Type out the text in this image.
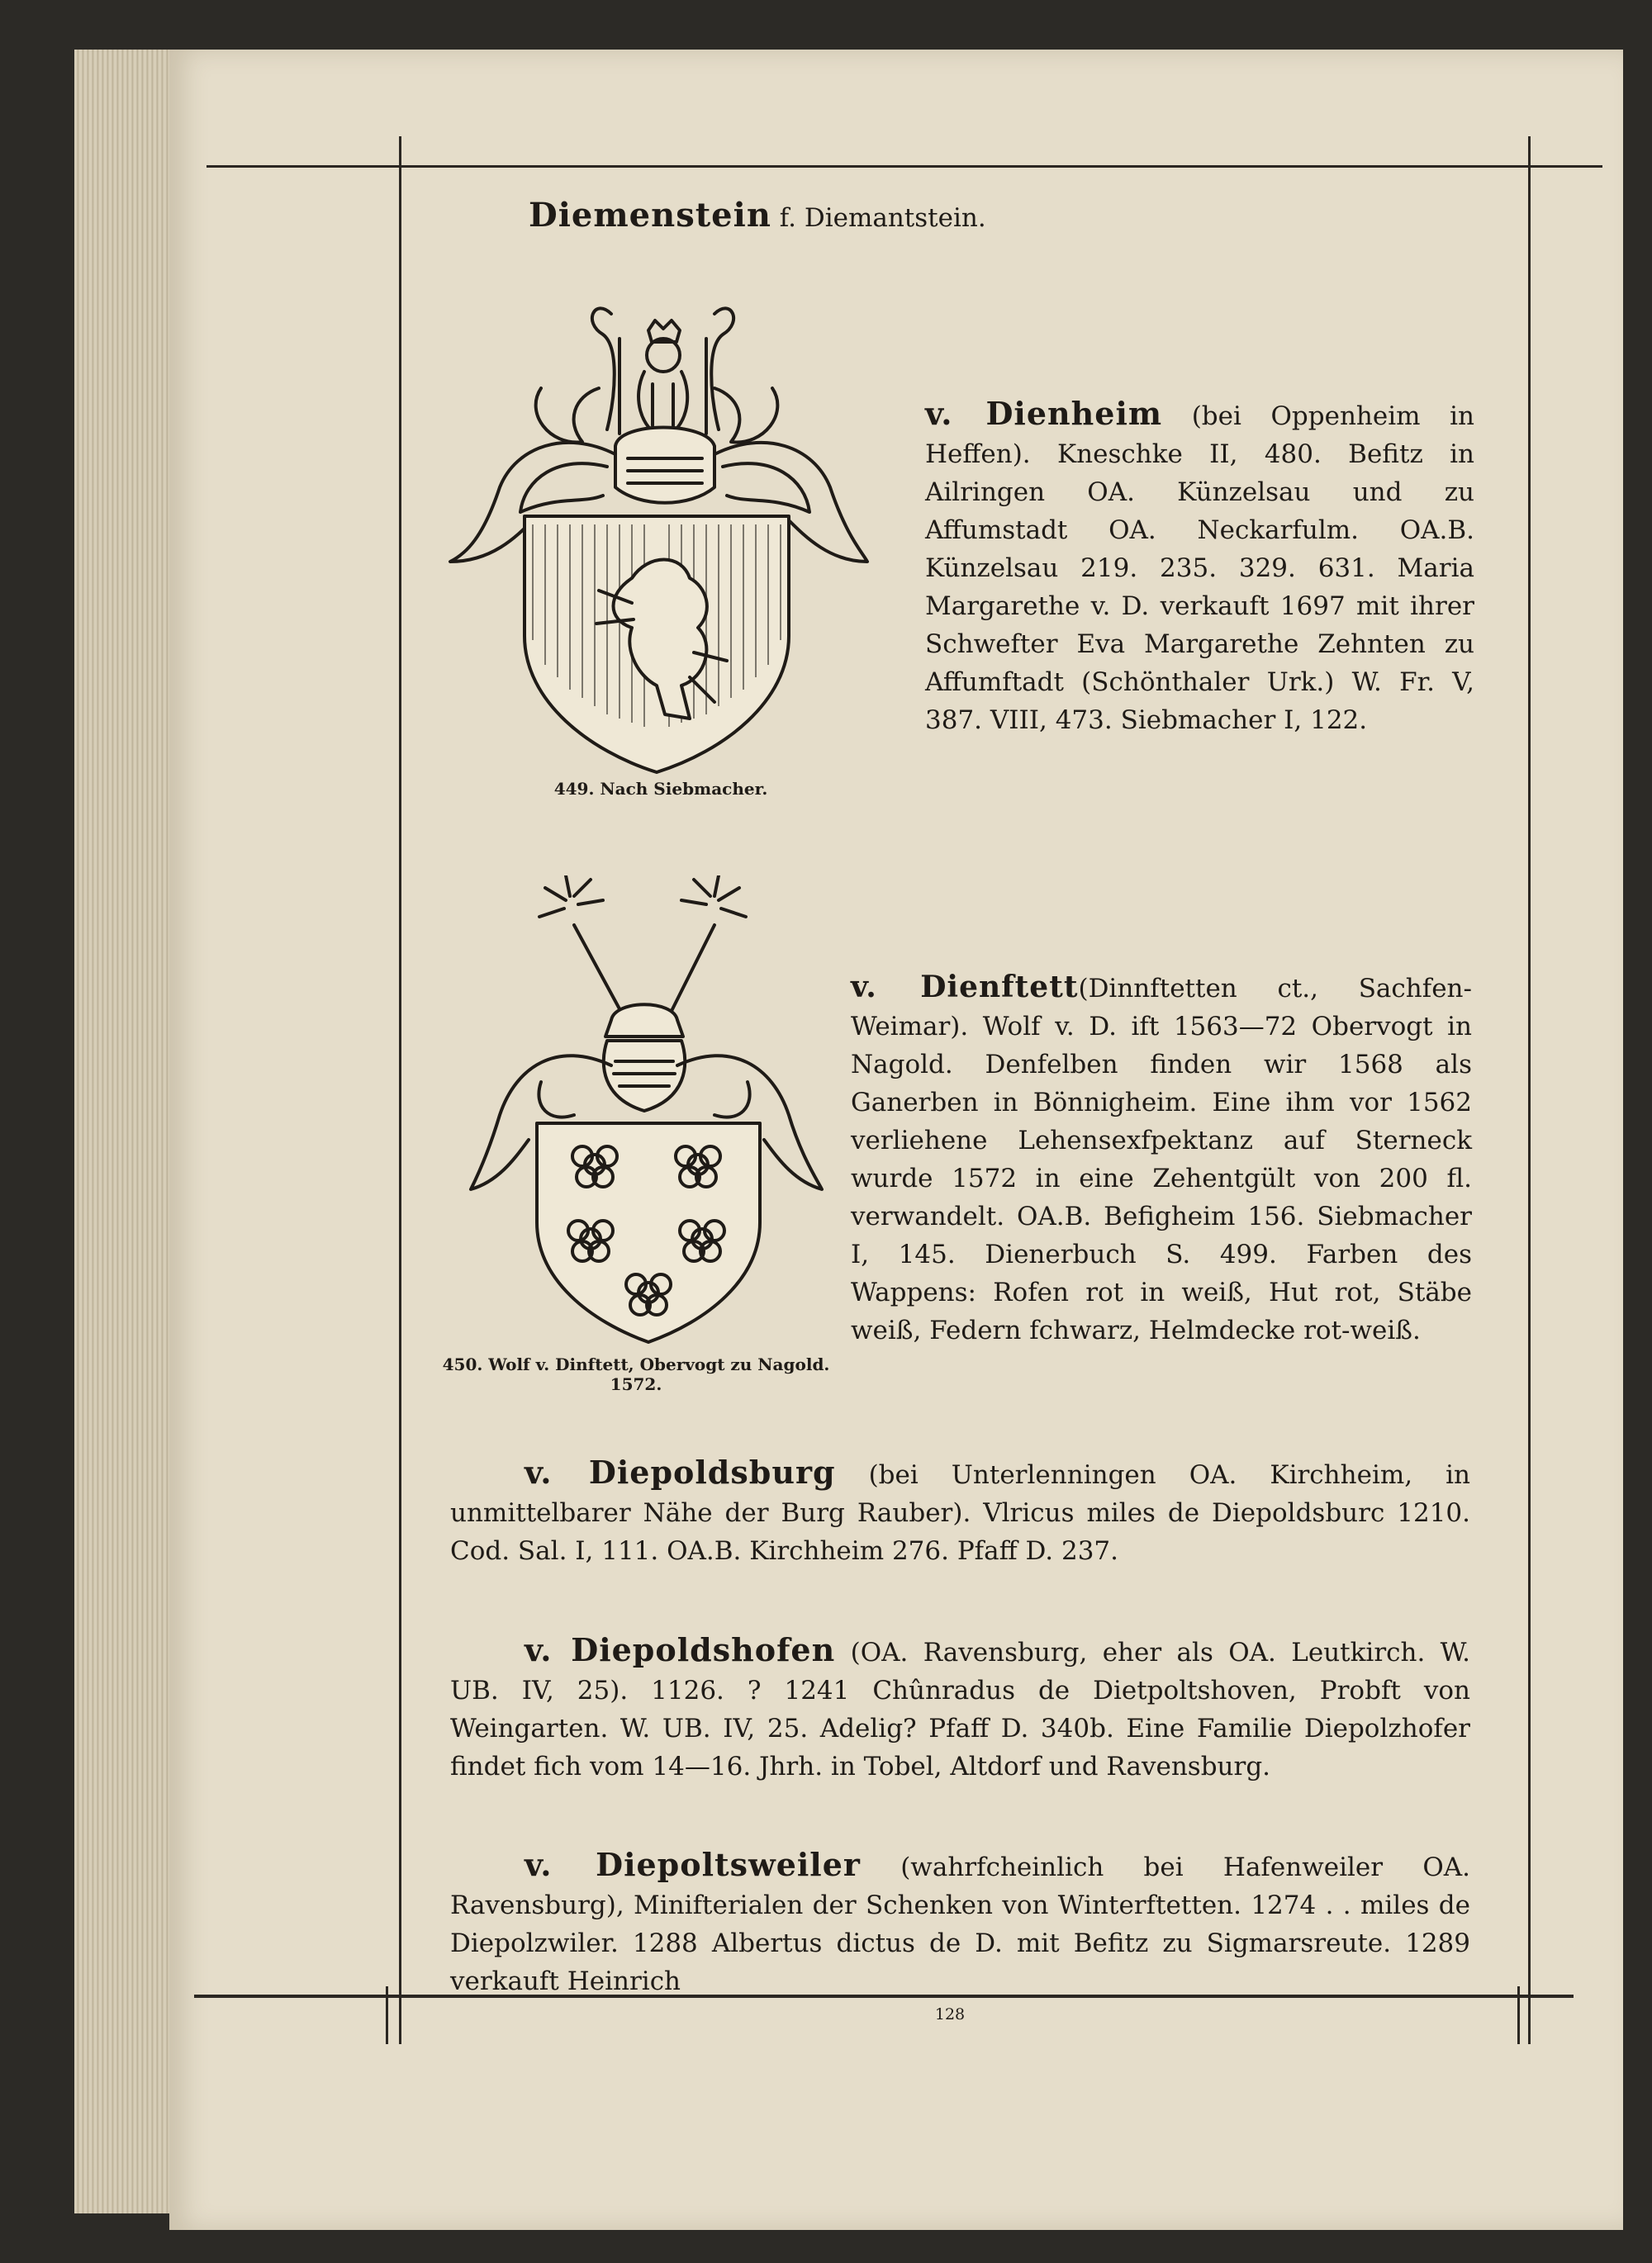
Diemenstein f. Diemantstein.
449. Nach Siebmacher.
v. Dienheim (bei Oppenheim in Heffen). Kneschke II, 480. Befitz in Ailringen OA. Künzelsau und zu Affumstadt OA. Neckarfulm. OA.B. Künzelsau 219. 235. 329. 631. Maria Margarethe v. D. verkauft 1697 mit ihrer Schwefter Eva Margarethe Zehnten zu Affumftadt (Schönthaler Urk.) W. Fr. V, 387. VIII, 473. Siebmacher I, 122.
450. Wolf v. Dinftett, Obervogt zu Nagold.
1572.
v. Dienftett(Dinnftetten ct., Sachfen-Weimar). Wolf v. D. ift 1563—72 Obervogt in Nagold. Denfelben finden wir 1568 als Ganerben in Bönnigheim. Eine ihm vor 1562 verliehene Lehensexfpektanz auf Sterneck wurde 1572 in eine Zehentgült von 200 fl. verwandelt. OA.B. Befigheim 156. Siebmacher I, 145. Dienerbuch S. 499. Farben des Wappens: Rofen rot in weiß, Hut rot, Stäbe weiß, Federn fchwarz, Helmdecke rot-weiß.
v. Diepoldsburg (bei Unterlenningen OA. Kirchheim, in unmittelbarer Nähe der Burg Rauber). Vlricus miles de Diepoldsburc 1210. Cod. Sal. I, 111. OA.B. Kirchheim 276. Pfaff D. 237.
v. Diepoldshofen (OA. Ravensburg, eher als OA. Leutkirch. W. UB. IV, 25). 1126. ? 1241 Chûnradus de Dietpoltshoven, Probft von Weingarten. W. UB. IV, 25. Adelig? Pfaff D. 340b. Eine Familie Diepolzhofer findet fich vom 14—16. Jhrh. in Tobel, Altdorf und Ravensburg.
v. Diepoltsweiler (wahrfcheinlich bei Hafenweiler OA. Ravensburg), Minifterialen der Schenken von Winterftetten. 1274 . . miles de Diepolzwiler. 1288 Albertus dictus de D. mit Befitz zu Sigmarsreute. 1289 verkauft Heinrich
128
